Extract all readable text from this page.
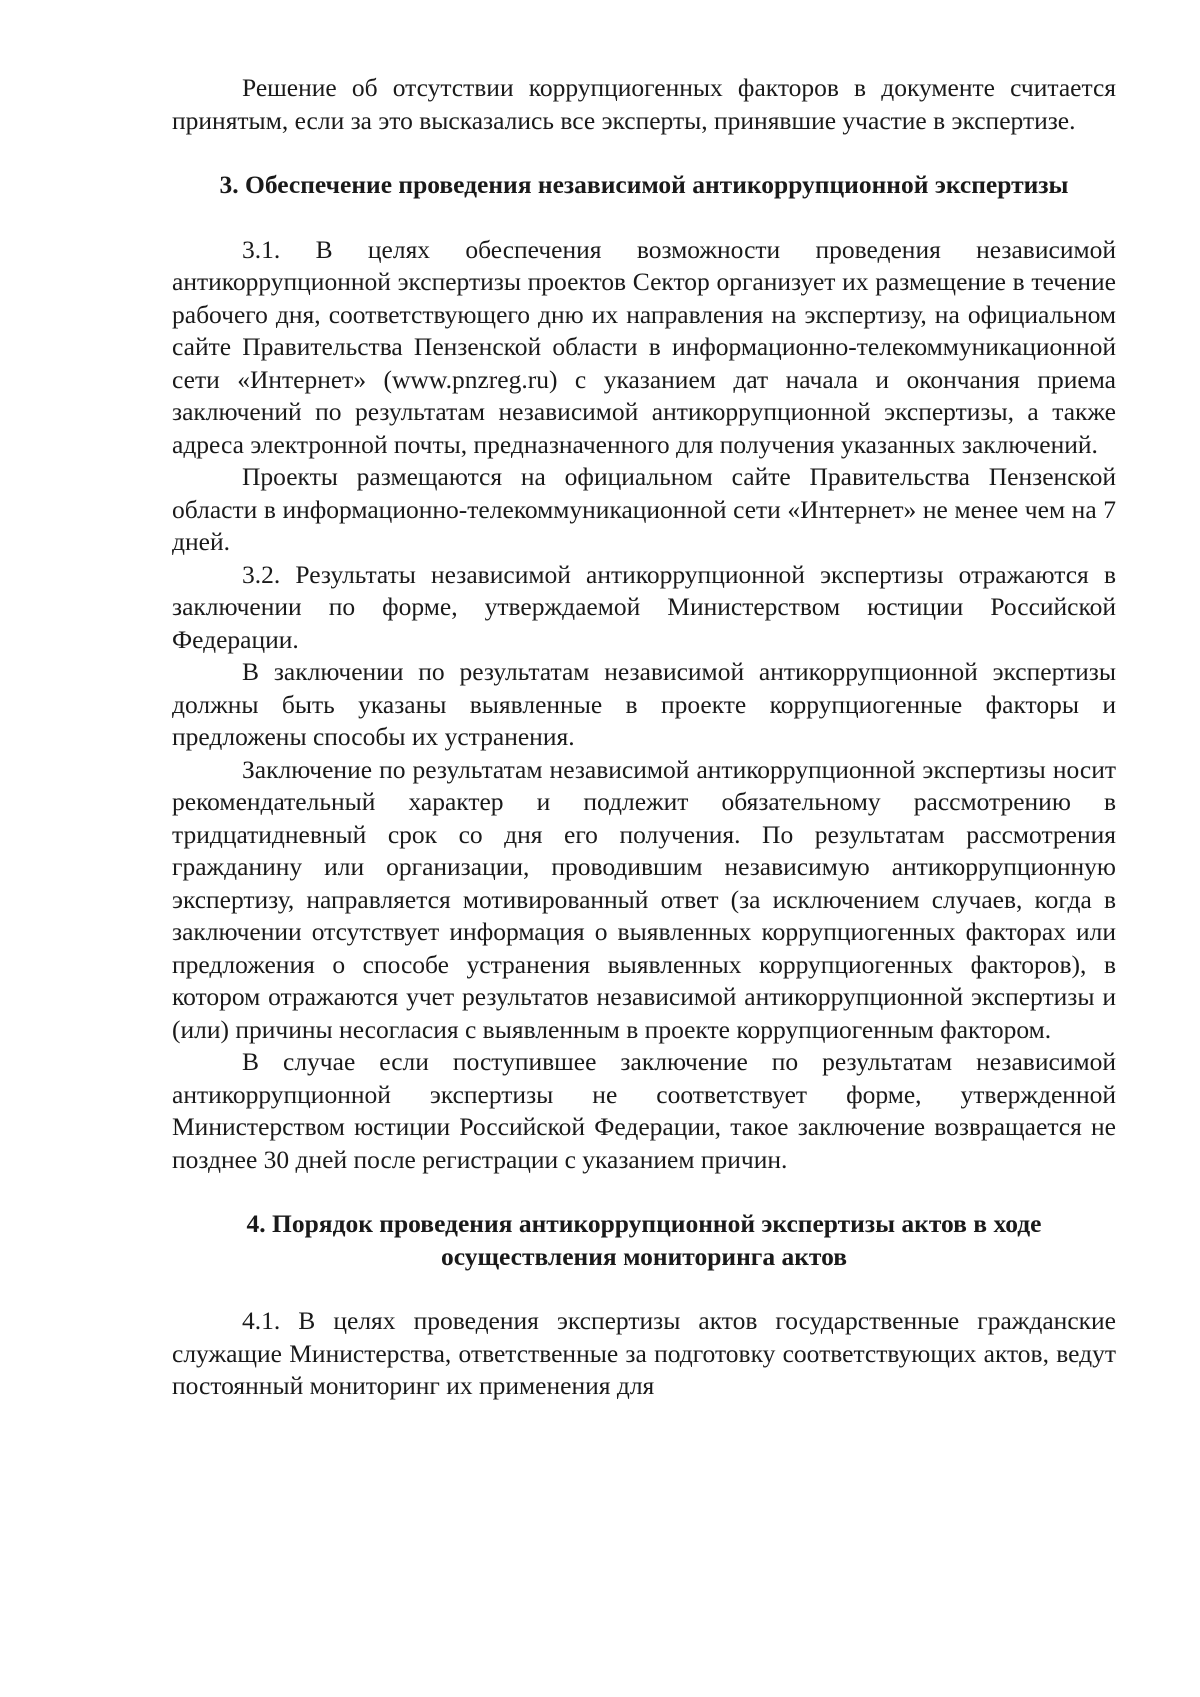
Решение об отсутствии коррупциогенных факторов в документе считается принятым, если за это высказались все эксперты, принявшие участие в экспертизе.

3. Обеспечение проведения независимой антикоррупционной экспертизы

3.1. В целях обеспечения возможности проведения независимой антикоррупционной экспертизы проектов Сектор организует их размещение в течение рабочего дня, соответствующего дню их направления на экспертизу, на официальном сайте Правительства Пензенской области в информационно-телекоммуникационной сети «Интернет» (www.pnzreg.ru) с указанием дат начала и окончания приема заключений по результатам независимой антикоррупционной экспертизы, а также адреса электронной почты, предназначенного для получения указанных заключений.

Проекты размещаются на официальном сайте Правительства Пензенской области в информационно-телекоммуникационной сети «Интернет» не менее чем на 7 дней.

3.2. Результаты независимой антикоррупционной экспертизы отражаются в заключении по форме, утверждаемой Министерством юстиции Российской Федерации.

В заключении по результатам независимой антикоррупционной экспертизы должны быть указаны выявленные в проекте коррупциогенные факторы и предложены способы их устранения.

Заключение по результатам независимой антикоррупционной экспертизы носит рекомендательный характер и подлежит обязательному рассмотрению в тридцатидневный срок со дня его получения. По результатам рассмотрения гражданину или организации, проводившим независимую антикоррупционную экспертизу, направляется мотивированный ответ (за исключением случаев, когда в заключении отсутствует информация о выявленных коррупциогенных факторах или предложения о способе устранения выявленных коррупциогенных факторов), в котором отражаются учет результатов независимой антикоррупционной экспертизы и (или) причины несогласия с выявленным в проекте коррупциогенным фактором.

В случае если поступившее заключение по результатам независимой антикоррупционной экспертизы не соответствует форме, утвержденной Министерством юстиции Российской Федерации, такое заключение возвращается не позднее 30 дней после регистрации с указанием причин.

4. Порядок проведения антикоррупционной экспертизы актов в ходе осуществления мониторинга актов

4.1. В целях проведения экспертизы актов государственные гражданские служащие Министерства, ответственные за подготовку соответствующих актов, ведут постоянный мониторинг их применения для
